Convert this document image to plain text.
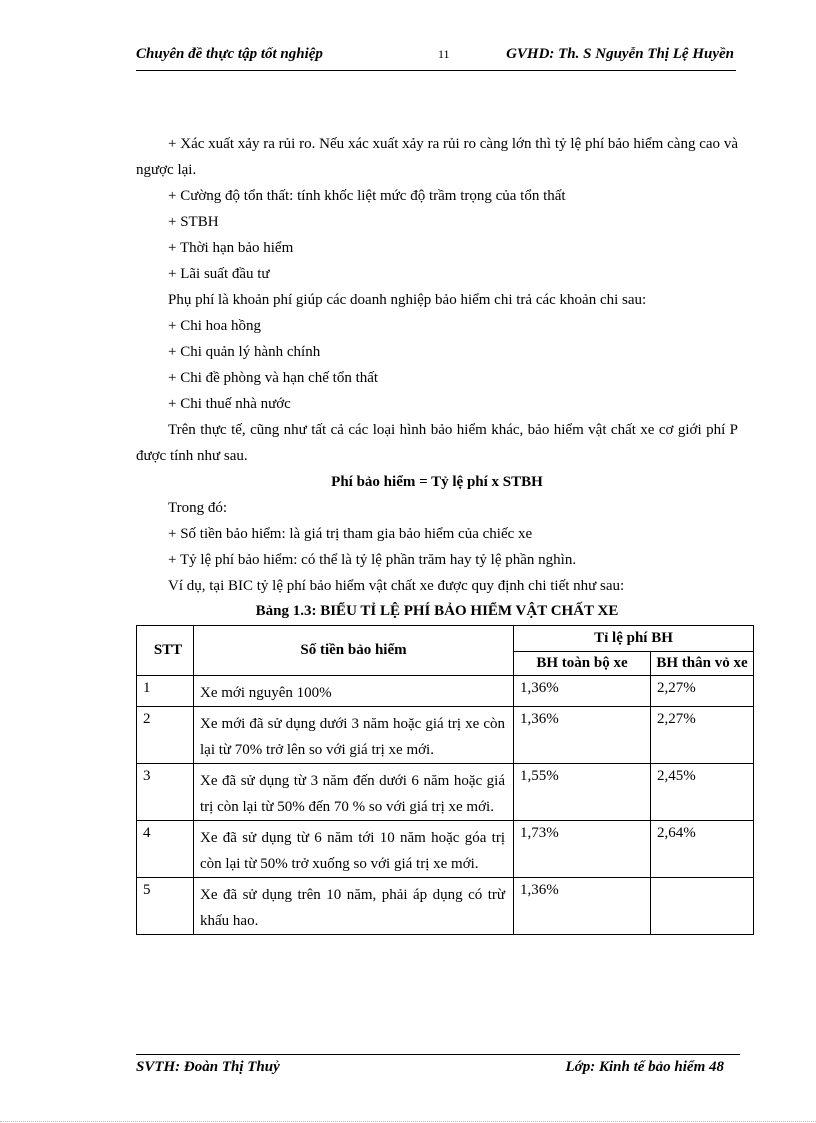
Chuyên đề thực tập tốt nghiệp	11	GVHD: Th. S Nguyễn Thị Lệ Huyền

+ Xác xuất xảy ra rủi ro. Nếu xác xuất xảy ra rủi ro càng lớn thì tỷ lệ phí bảo hiểm càng cao và ngược lại.

+ Cường độ tổn thất: tính khốc liệt mức độ trầm trọng của tổn thất

+ STBH

+ Thời hạn bảo hiểm

+ Lãi suất đầu tư

Phụ phí là khoản phí giúp các doanh nghiệp bảo hiểm chi trả các khoản chi sau:

+ Chi hoa hồng

+ Chi quản lý hành chính

+ Chi đề phòng và hạn chế tổn thất

+ Chi thuế nhà nước

Trên thực tế, cũng như tất cả các loại hình bảo hiểm khác, bảo hiểm vật chất xe cơ giới phí P được tính như sau.

Phí bảo hiểm = Tỷ lệ phí x STBH

Trong đó:

+ Số tiền bảo hiểm: là giá trị tham gia bảo hiểm của chiếc xe

+ Tỷ lệ phí bảo hiểm: có thể là tỷ lệ phần trăm hay tỷ lệ phần nghìn.

Ví dụ, tại BIC tỷ lệ phí bảo hiểm vật chất xe được quy định chi tiết như sau:

Bảng 1.3: BIỂU TỈ LỆ PHÍ BẢO HIỂM VẬT CHẤT XE

STT	Số tiền bảo hiểm	Tỉ lệ phí BH	
		BH toàn bộ xe	BH thân vỏ xe
1	Xe mới nguyên 100%	1,36%	2,27%
2	Xe mới đã sử dụng dưới 3 năm hoặc giá trị xe còn lại từ 70% trở lên so với giá trị xe mới.	1,36%	2,27%
3	Xe đã sử dụng từ 3 năm đến dưới 6 năm hoặc giá trị còn lại từ 50% đến 70 % so với giá trị xe mới.	1,55%	2,45%
4	Xe đã sử dụng từ 6 năm tới 10 năm hoặc góa trị còn lại từ 50% trở xuống so với giá trị xe mới.	1,73%	2,64%
5	Xe đã sử dụng trên 10 năm, phải áp dụng có trừ khấu hao.	1,36%	
SVTH: Đoàn Thị Thuỷ	Lớp: Kinh tế bảo hiểm 48
